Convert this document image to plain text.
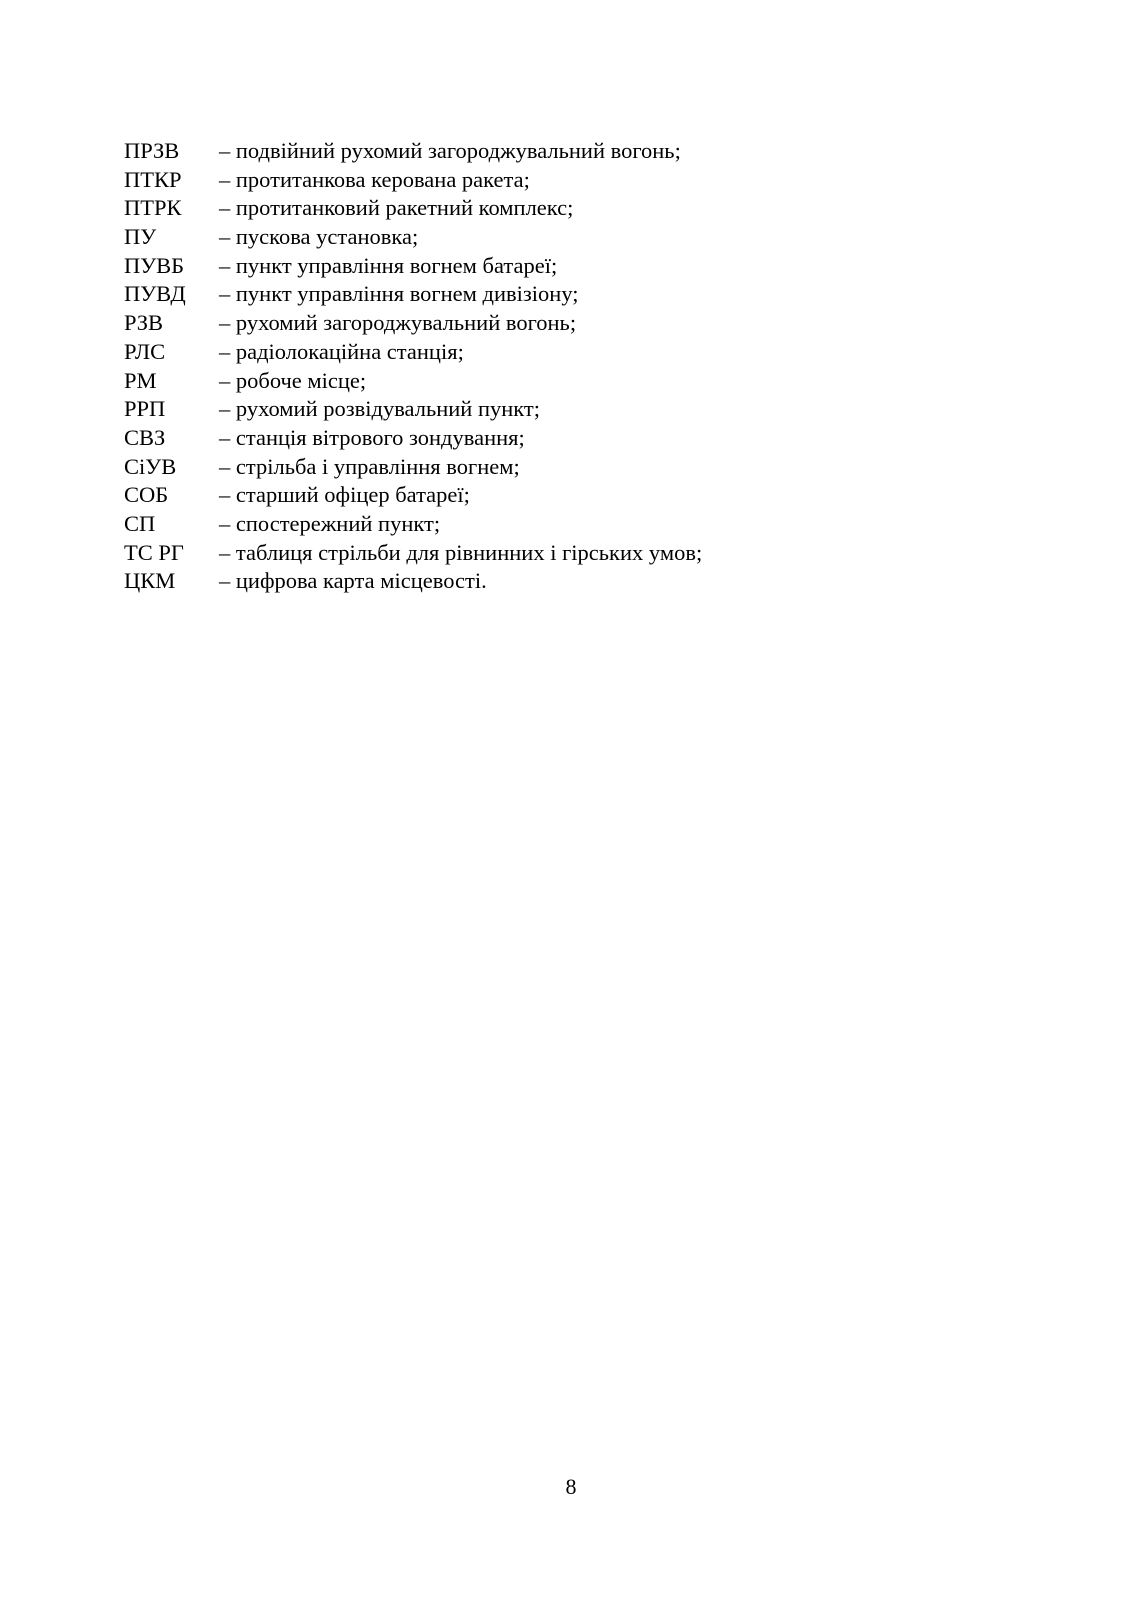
ПРЗВ	– подвійний рухомий загороджувальний вогонь;
ПТКР	– протитанкова керована ракета;
ПТРК	– протитанковий ракетний комплекс;
ПУ	– пускова установка;
ПУВБ	– пункт управління вогнем батареї;
ПУВД	– пункт управління вогнем дивізіону;
РЗВ	– рухомий загороджувальний вогонь;
РЛС	– радіолокаційна станція;
РМ	– робоче місце;
РРП	– рухомий розвідувальний пункт;
СВЗ	– станція вітрового зондування;
СіУВ	– стрільба і управління вогнем;
СОБ	– старший офіцер батареї;
СП	– спостережний пункт;
ТС РГ	– таблиця стрільби для рівнинних і гірських умов;
ЦКМ	– цифрова карта місцевості.
8
